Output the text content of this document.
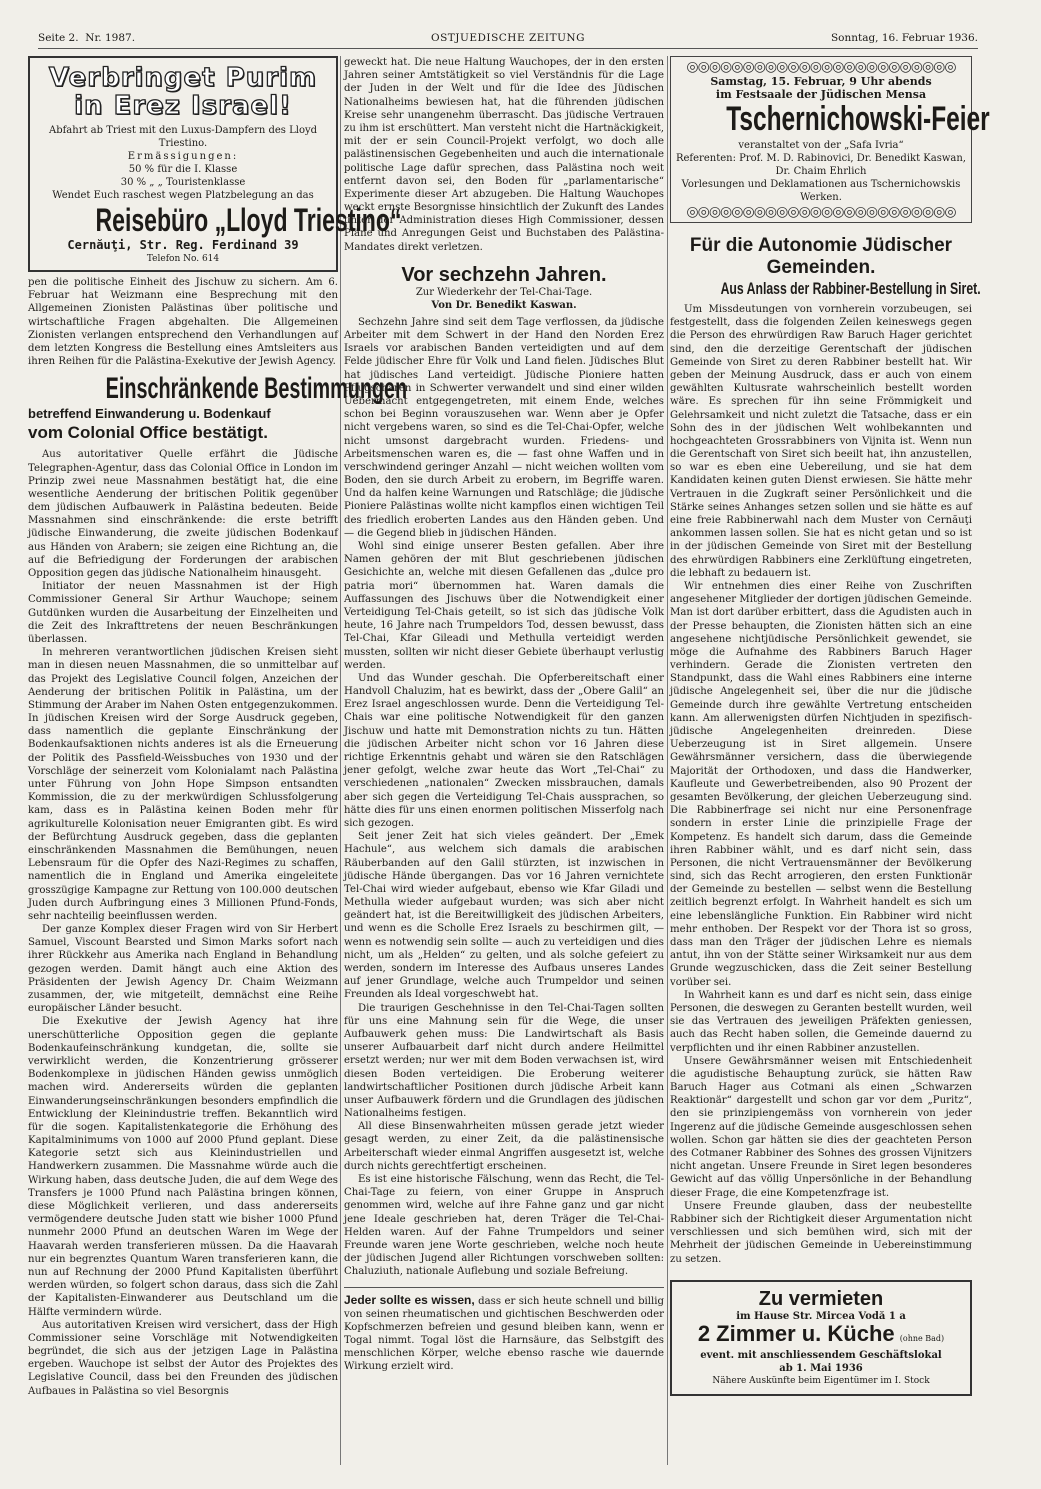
Seite 2. Nr. 1987.	OSTJUEDISCHE ZEITUNG	Sonntag, 16. Februar 1936.
Verbringet Purim
in Erez Israel!
Abfahrt ab Triest mit den Luxus-Dampfern des Lloyd Triestino.
Ermässigungen:
50 % für die I. Klasse
30 % „ „ Touristenklasse
Wendet Euch raschest wegen Platzbelegung an das
Reisebüro „Lloyd Triestino“
Cernăuţi, Str. Reg. Ferdinand 39
Telefon No. 614

pen die politische Einheit des Jischuw zu sichern. Am 6. Februar hat Weizmann eine Besprechung mit den Allgemeinen Zionisten Palästinas über politische und wirtschaftliche Fragen abgehalten. Die Allgemeinen Zionisten verlangen entsprechend den Verhandlungen auf dem letzten Kongress die Bestellung eines Amtsleiters aus ihren Reihen für die Palästina-Exekutive der Jewish Agency.

Einschränkende Bestimmungen
betreffend Einwanderung u. Bodenkauf
vom Colonial Office bestätigt.

Aus autoritativer Quelle erfährt die Jüdische Telegraphen-Agentur, dass das Colonial Office in London im Prinzip zwei neue Massnahmen bestätigt hat, die eine wesentliche Aenderung der britischen Politik gegenüber dem jüdischen Aufbauwerk in Palästina bedeuten. Beide Massnahmen sind einschränkende: die erste betrifft jüdische Einwanderung, die zweite jüdischen Bodenkauf aus Händen von Arabern; sie zeigen eine Richtung an, die auf die Befriedigung der Forderungen der arabischen Opposition gegen das jüdische Nationalheim hinausgeht.

Initiator der neuen Massnahmen ist der High Commissioner General Sir Arthur Wauchope; seinem Gutdünken wurden die Ausarbeitung der Einzelheiten und die Zeit des Inkrafttretens der neuen Beschränkungen überlassen.

In mehreren verantwortlichen jüdischen Kreisen sieht man in diesen neuen Massnahmen, die so unmittelbar auf das Projekt des Legislative Council folgen, Anzeichen der Aenderung der britischen Politik in Palästina, um der Stimmung der Araber im Nahen Osten entgegenzukommen. In jüdischen Kreisen wird der Sorge Ausdruck gegeben, dass namentlich die geplante Einschränkung der Bodenkaufsaktionen nichts anderes ist als die Erneuerung der Politik des Passfield-Weissbuches von 1930 und der Vorschläge der seinerzeit vom Kolonialamt nach Palästina unter Führung von John Hope Simpson entsandten Kommission, die zu der merkwürdigen Schlussfolgerung kam, dass es in Palästina keinen Boden mehr für agrikulturelle Kolonisation neuer Emigranten gibt. Es wird der Befürchtung Ausdruck gegeben, dass die geplanten einschränkenden Massnahmen die Bemühungen, neuen Lebensraum für die Opfer des Nazi-Regimes zu schaffen, namentlich die in England und Amerika eingeleitete grosszügige Kampagne zur Rettung von 100.000 deutschen Juden durch Aufbringung eines 3 Millionen Pfund-Fonds, sehr nachteilig beeinflussen werden.

Der ganze Komplex dieser Fragen wird von Sir Herbert Samuel, Viscount Bearsted und Simon Marks sofort nach ihrer Rückkehr aus Amerika nach England in Behandlung gezogen werden. Damit hängt auch eine Aktion des Präsidenten der Jewish Agency Dr. Chaim Weizmann zusammen, der, wie mitgeteilt, demnächst eine Reihe europäischer Länder besucht.

Die Exekutive der Jewish Agency hat ihre unerschütterliche Opposition gegen die geplante Bodenkaufeinschränkung kundgetan, die, sollte sie verwirklicht werden, die Konzentrierung grösserer Bodenkomplexe in jüdischen Händen gewiss unmöglich machen wird. Andererseits würden die geplanten Einwanderungseinschränkungen besonders empfindlich die Entwicklung der Kleinindustrie treffen. Bekanntlich wird für die sogen. Kapitalistenkategorie die Erhöhung des Kapitalminimums von 1000 auf 2000 Pfund geplant. Diese Kategorie setzt sich aus Kleinindustriellen und Handwerkern zusammen. Die Massnahme würde auch die Wirkung haben, dass deutsche Juden, die auf dem Wege des Transfers je 1000 Pfund nach Palästina bringen können, diese Möglichkeit verlieren, und dass andererseits vermögendere deutsche Juden statt wie bisher 1000 Pfund nunmehr 2000 Pfund an deutschen Waren im Wege der Haavarah werden transferieren müssen. Da die Haavarah nur ein begrenztes Quantum Waren transferieren kann, die nun auf Rechnung der 2000 Pfund Kapitalisten überführt werden würden, so folgert schon daraus, dass sich die Zahl der Kapitalisten-Einwanderer aus Deutschland um die Hälfte vermindern würde.

Aus autoritativen Kreisen wird versichert, dass der High Commissioner seine Vorschläge mit Notwendigkeiten begründet, die sich aus der jetzigen Lage in Palästina ergeben. Wauchope ist selbst der Autor des Projektes des Legislative Council, dass bei den Freunden des jüdischen Aufbaues in Palästina so viel Besorgnis

geweckt hat. Die neue Haltung Wauchopes, der in den ersten Jahren seiner Amtstätigkeit so viel Verständnis für die Lage der Juden in der Welt und für die Idee des Jüdischen Nationalheims bewiesen hat, hat die führenden jüdischen Kreise sehr unangenehm überrascht. Das jüdische Vertrauen zu ihm ist erschüttert. Man versteht nicht die Hartnäckigkeit, mit der er sein Council-Projekt verfolgt, wo doch alle palästinensischen Gegebenheiten und auch die internationale politische Lage dafür sprechen, dass Palästina noch weit entfernt davon sei, den Boden für „parlamentarische“ Experimente dieser Art abzugeben. Die Haltung Wauchopes weckt ernste Besorgnisse hinsichtlich der Zukunft des Landes unter der Administration dieses High Commissioner, dessen Pläne und Anregungen Geist und Buchstaben des Palästina-Mandates direkt verletzen.

Vor sechzehn Jahren.
Zur Wiederkehr der Tel-Chai-Tage.
Von Dr. Benedikt Kaswan.

Sechzehn Jahre sind seit dem Tage verflossen, da jüdische Arbeiter mit dem Schwert in der Hand den Norden Erez Israels vor arabischen Banden verteidigten und auf dem Felde jüdischer Ehre für Volk und Land fielen. Jüdisches Blut hat jüdisches Land verteidigt. Jüdische Pioniere hatten Pflugscharen in Schwerter verwandelt und sind einer wilden Uebermacht entgegengetreten, mit einem Ende, welches schon bei Beginn vorauszusehen war. Wenn aber je Opfer nicht vergebens waren, so sind es die Tel-Chai-Opfer, welche nicht umsonst dargebracht wurden. Friedens- und Arbeitsmenschen waren es, die — fast ohne Waffen und in verschwindend geringer Anzahl — nicht weichen wollten vom Boden, den sie durch Arbeit zu erobern, im Begriffe waren. Und da halfen keine Warnungen und Ratschläge; die jüdische Pioniere Palästinas wollte nicht kampflos einen wichtigen Teil des friedlich eroberten Landes aus den Händen geben. Und — die Gegend blieb in jüdischen Händen.

Wohl sind einige unserer Besten gefallen. Aber ihre Namen gehören der mit Blut geschriebenen jüdischen Gesichichte an, welche mit diesen Gefallenen das „dulce pro patria mori“ übernommen hat. Waren damals die Auffassungen des Jischuws über die Notwendigkeit einer Verteidigung Tel-Chais geteilt, so ist sich das jüdische Volk heute, 16 Jahre nach Trumpeldors Tod, dessen bewusst, dass Tel-Chai, Kfar Gileadi und Methulla verteidigt werden mussten, sollten wir nicht dieser Gebiete überhaupt verlustig werden.

Und das Wunder geschah. Die Opferbereitschaft einer Handvoll Chaluzim, hat es bewirkt, dass der „Obere Galil“ an Erez Israel angeschlossen wurde. Denn die Verteidigung Tel-Chais war eine politische Notwendigkeit für den ganzen Jischuw und hatte mit Demonstration nichts zu tun. Hätten die jüdischen Arbeiter nicht schon vor 16 Jahren diese richtige Erkenntnis gehabt und wären sie den Ratschlägen jener gefolgt, welche zwar heute das Wort „Tel-Chai“ zu verschiedenen „nationalen“ Zwecken missbrauchen, damals aber sich gegen die Verteidigung Tel-Chais aussprachen, so hätte dies für uns einen enormen politischen Misserfolg nach sich gezogen.

Seit jener Zeit hat sich vieles geändert. Der „Emek Hachule“, aus welchem sich damals die arabischen Räuberbanden auf den Galil stürzten, ist inzwischen in jüdische Hände übergangen. Das vor 16 Jahren vernichtete Tel-Chai wird wieder aufgebaut, ebenso wie Kfar Giladi und Methulla wieder aufgebaut wurden; was sich aber nicht geändert hat, ist die Bereitwilligkeit des jüdischen Arbeiters, und wenn es die Scholle Erez Israels zu beschirmen gilt, — wenn es notwendig sein sollte — auch zu verteidigen und dies nicht, um als „Helden“ zu gelten, und als solche gefeiert zu werden, sondern im Interesse des Aufbaus unseres Landes auf jener Grundlage, welche auch Trumpeldor und seinen Freunden als Ideal vorgeschwebt hat.

Die traurigen Geschehnisse in den Tel-Chai-Tagen sollten für uns eine Mahnung sein für die Wege, die unser Aufbauwerk gehen muss: Die Landwirtschaft als Basis unserer Aufbauarbeit darf nicht durch andere Heilmittel ersetzt werden; nur wer mit dem Boden verwachsen ist, wird diesen Boden verteidigen. Die Eroberung weiterer landwirtschaftlicher Positionen durch jüdische Arbeit kann unser Aufbauwerk fördern und die Grundlagen des jüdischen Nationalheims festigen.

All diese Binsenwahrheiten müssen gerade jetzt wieder gesagt werden, zu einer Zeit, da die palästinensische Arbeiterschaft wieder einmal Angriffen ausgesetzt ist, welche durch nichts gerechtfertigt erscheinen.

Es ist eine historische Fälschung, wenn das Recht, die Tel-Chai-Tage zu feiern, von einer Gruppe in Anspruch genommen wird, welche auf ihre Fahne ganz und gar nicht jene Ideale geschrieben hat, deren Träger die Tel-Chai-Helden waren. Auf der Fahne Trumpeldors und seiner Freunde waren jene Worte geschrieben, welche noch heute der jüdischen Jugend aller Richtungen vorschweben sollten: Chaluziuth, nationale Auflebung und soziale Befreiung.

Jeder sollte es wissen, dass er sich heute schnell und billig von seinen rheumatischen und gichtischen Beschwerden oder Kopfschmerzen befreien und gesund bleiben kann, wenn er Togal nimmt. Togal löst die Harnsäure, das Selbstgift des menschlichen Körper, welche ebenso rasche wie dauernde Wirkung erzielt wird.

◎◎◎◎◎◎◎◎◎◎◎◎◎◎◎◎◎◎◎◎◎◎◎◎
Samstag, 15. Februar, 9 Uhr abends
im Festsaale der Jüdischen Mensa
Tschernichowski-Feier
veranstaltet von der „Safa Ivria“
Referenten: Prof. M. D. Rabinovici, Dr. Benedikt Kaswan, Dr. Chaim Ehrlich
Vorlesungen und Deklamationen aus Tschernichowskis Werken.
◎◎◎◎◎◎◎◎◎◎◎◎◎◎◎◎◎◎◎◎◎◎◎◎
Für die Autonomie Jüdischer Gemeinden.
Aus Anlass der Rabbiner-Bestellung in Siret.

Um Missdeutungen von vornherein vorzubeugen, sei festgestellt, dass die folgenden Zeilen keineswegs gegen die Person des ehrwürdigen Raw Baruch Hager gerichtet sind, den die derzeitige Gerentschaft der jüdischen Gemeinde von Siret zu deren Rabbiner bestellt hat. Wir geben der Meinung Ausdruck, dass er auch von einem gewählten Kultusrate wahrscheinlich bestellt worden wäre. Es sprechen für ihn seine Frömmigkeit und Gelehrsamkeit und nicht zuletzt die Tatsache, dass er ein Sohn des in der jüdischen Welt wohlbekannten und hochgeachteten Grossrabbiners von Vijnita ist. Wenn nun die Gerentschaft von Siret sich beeilt hat, ihn anzustellen, so war es eben eine Uebereilung, und sie hat dem Kandidaten keinen guten Dienst erwiesen. Sie hätte mehr Vertrauen in die Zugkraft seiner Persönlichkeit und die Stärke seines Anhanges setzen sollen und sie hätte es auf eine freie Rabbinerwahl nach dem Muster von Cernăuţi ankommen lassen sollen. Sie hat es nicht getan und so ist in der jüdischen Gemeinde von Siret mit der Bestellung des ehrwürdigen Rabbiners eine Zerklüftung eingetreten, die lebhaft zu bedauern ist.

Wir entnehmen dies einer Reihe von Zuschriften angesehener Mitglieder der dortigen jüdischen Gemeinde. Man ist dort darüber erbittert, dass die Agudisten auch in der Presse behaupten, die Zionisten hätten sich an eine angesehene nichtjüdische Persönlichkeit gewendet, sie möge die Aufnahme des Rabbiners Baruch Hager verhindern. Gerade die Zionisten vertreten den Standpunkt, dass die Wahl eines Rabbiners eine interne jüdische Angelegenheit sei, über die nur die jüdische Gemeinde durch ihre gewählte Vertretung entscheiden kann. Am allerwenigsten dürfen Nichtjuden in spezifisch-jüdische Angelegenheiten dreinreden. Diese Ueberzeugung ist in Siret allgemein. Unsere Gewährsmänner versichern, dass die überwiegende Majorität der Orthodoxen, und dass die Handwerker, Kaufleute und Gewerbetreibenden, also 90 Prozent der gesamten Bevölkerung, der gleichen Ueberzeugung sind. Die Rabbinerfrage sei nicht nur eine Personenfrage sondern in erster Linie die prinzipielle Frage der Kompetenz. Es handelt sich darum, dass die Gemeinde ihren Rabbiner wählt, und es darf nicht sein, dass Personen, die nicht Vertrauensmänner der Bevölkerung sind, sich das Recht arrogieren, den ersten Funktionär der Gemeinde zu bestellen — selbst wenn die Bestellung zeitlich begrenzt erfolgt. In Wahrheit handelt es sich um eine lebenslängliche Funktion. Ein Rabbiner wird nicht mehr enthoben. Der Respekt vor der Thora ist so gross, dass man den Träger der jüdischen Lehre es niemals antut, ihn von der Stätte seiner Wirksamkeit nur aus dem Grunde wegzuschicken, dass die Zeit seiner Bestellung vorüber sei.

In Wahrheit kann es und darf es nicht sein, dass einige Personen, die deswegen zu Geranten bestellt wurden, weil sie das Vertrauen des jeweiligen Präfekten geniessen, auch das Recht haben sollen, die Gemeinde dauernd zu verpflichten und ihr einen Rabbiner anzustellen.

Unsere Gewährsmänner weisen mit Entschiedenheit die agudistische Behauptung zurück, sie hätten Raw Baruch Hager aus Cotmani als einen „Schwarzen Reaktionär“ dargestellt und schon gar vor dem „Puritz“, den sie prinzipiengemäss von vornherein von jeder Ingerenz auf die jüdische Gemeinde ausgeschlossen sehen wollen. Schon gar hätten sie dies der geachteten Person des Cotmaner Rabbiner des Sohnes des grossen Vijnitzers nicht angetan. Unsere Freunde in Siret legen besonderes Gewicht auf das völlig Unpersönliche in der Behandlung dieser Frage, die eine Kompetenzfrage ist.

Unsere Freunde glauben, dass der neubestellte Rabbiner sich der Richtigkeit dieser Argumentation nicht verschliessen und sich bemühen wird, sich mit der Mehrheit der jüdischen Gemeinde in Uebereinstimmung zu setzen.

Zu vermieten
im Hause Str. Mircea Vodă 1 a
2 Zimmer u. Küche (ohne Bad)
event. mit anschliessendem Geschäftslokal
ab 1. Mai 1936
Nähere Auskünfte beim Eigentümer im I. Stock
